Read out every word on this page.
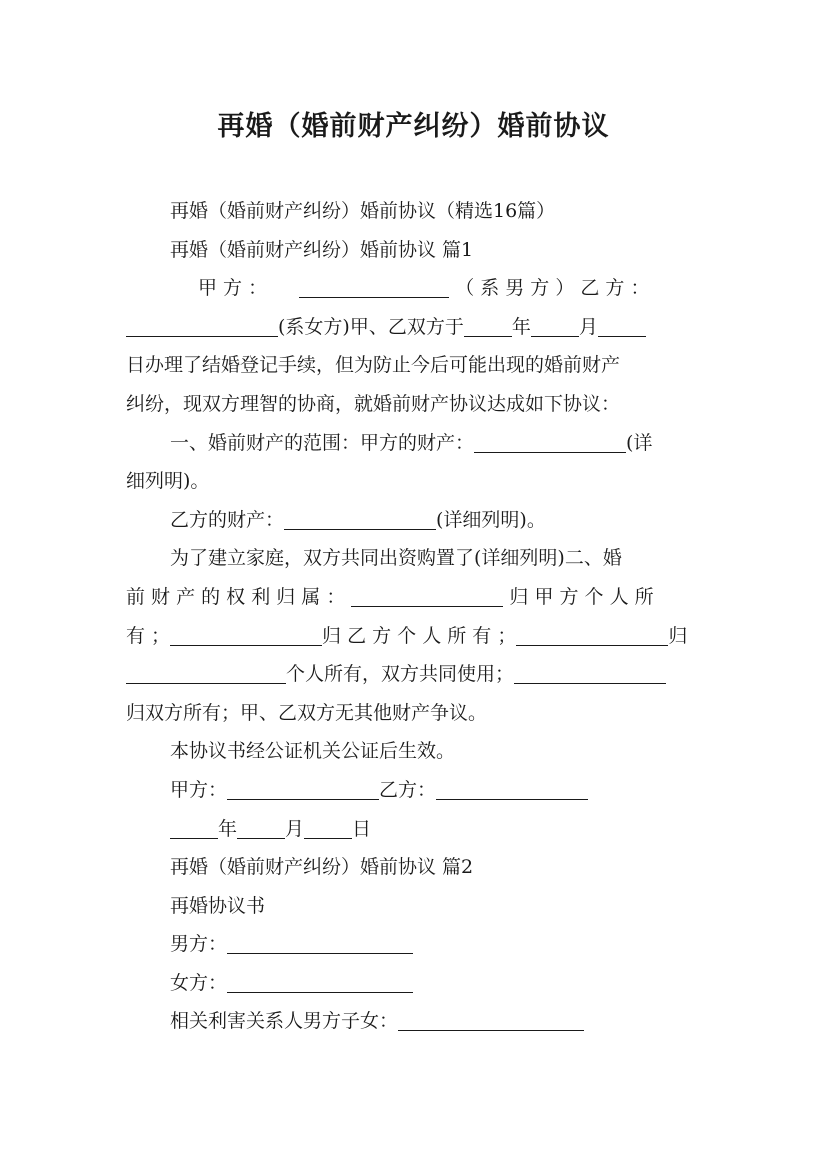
再婚（婚前财产纠纷）婚前协议
再婚（婚前财产纠纷）婚前协议（精选16篇）
再婚（婚前财产纠纷）婚前协议 篇1
甲 方 ：	（ 系 男 方 ） 乙 方 ：
(系女方)甲、乙双方于	年	月
日办理了结婚登记手续，但为防止今后可能出现的婚前财产
纠纷，现双方理智的协商，就婚前财产协议达成如下协议：
一、婚前财产的范围：甲方的财产：	(详
细列明)。
乙方的财产：	(详细列明)。
为了建立家庭，双方共同出资购置了(详细列明)二、婚
前 财 产 的 权 利 归 属 ：	归 甲 方 个 人 所
有 ；	归 乙 方 个 人 所 有 ；	归
个人所有，双方共同使用；
归双方所有；甲、乙双方无其他财产争议。
本协议书经公证机关公证后生效。
甲方：	乙方：
年	月	日
再婚（婚前财产纠纷）婚前协议 篇2
再婚协议书
男方：
女方：
相关利害关系人男方子女：
